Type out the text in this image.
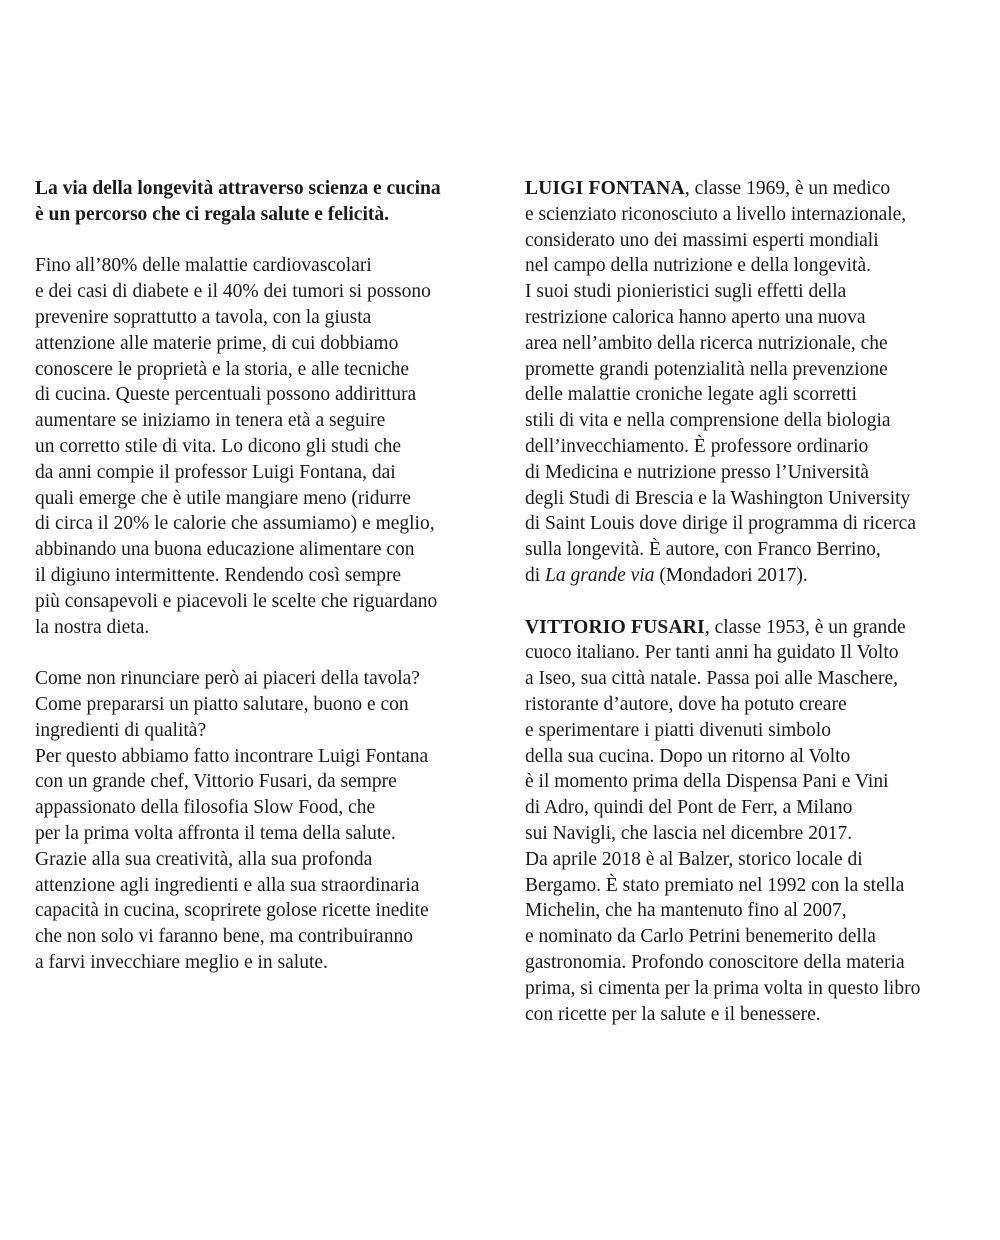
La via della longevità attraverso scienza e cucina
è un percorso che ci regala salute e felicità.
Fino all’80% delle malattie cardiovascolari
e dei casi di diabete e il 40% dei tumori si possono
prevenire soprattutto a tavola, con la giusta
attenzione alle materie prime, di cui dobbiamo
conoscere le proprietà e la storia, e alle tecniche
di cucina. Queste percentuali possono addirittura
aumentare se iniziamo in tenera età a seguire
un corretto stile di vita. Lo dicono gli studi che
da anni compie il professor Luigi Fontana, dai
quali emerge che è utile mangiare meno (ridurre
di circa il 20% le calorie che assumiamo) e meglio,
abbinando una buona educazione alimentare con
il digiuno intermittente. Rendendo così sempre
più consapevoli e piacevoli le scelte che riguardano
la nostra dieta.
Come non rinunciare però ai piaceri della tavola?
Come prepararsi un piatto salutare, buono e con
ingredienti di qualità?
Per questo abbiamo fatto incontrare Luigi Fontana
con un grande chef, Vittorio Fusari, da sempre
appassionato della filosofia Slow Food, che
per la prima volta affronta il tema della salute.
Grazie alla sua creatività, alla sua profonda
attenzione agli ingredienti e alla sua straordinaria
capacità in cucina, scoprirete golose ricette inedite
che non solo vi faranno bene, ma contribuiranno
a farvi invecchiare meglio e in salute.
LUIGI FONTANA, classe 1969, è un medico
e scienziato riconosciuto a livello internazionale,
considerato uno dei massimi esperti mondiali
nel campo della nutrizione e della longevità.
I suoi studi pionieristici sugli effetti della
restrizione calorica hanno aperto una nuova
area nell’ambito della ricerca nutrizionale, che
promette grandi potenzialità nella prevenzione
delle malattie croniche legate agli scorretti
stili di vita e nella comprensione della biologia
dell’invecchiamento. È professore ordinario
di Medicina e nutrizione presso l’Università
degli Studi di Brescia e la Washington University
di Saint Louis dove dirige il programma di ricerca
sulla longevità. È autore, con Franco Berrino,
di La grande via (Mondadori 2017).
VITTORIO FUSARI, classe 1953, è un grande
cuoco italiano. Per tanti anni ha guidato Il Volto
a Iseo, sua città natale. Passa poi alle Maschere,
ristorante d’autore, dove ha potuto creare
e sperimentare i piatti divenuti simbolo
della sua cucina. Dopo un ritorno al Volto
è il momento prima della Dispensa Pani e Vini
di Adro, quindi del Pont de Ferr, a Milano
sui Navigli, che lascia nel dicembre 2017.
Da aprile 2018 è al Balzer, storico locale di
Bergamo. È stato premiato nel 1992 con la stella
Michelin, che ha mantenuto fino al 2007,
e nominato da Carlo Petrini benemerito della
gastronomia. Profondo conoscitore della materia
prima, si cimenta per la prima volta in questo libro
con ricette per la salute e il benessere.
